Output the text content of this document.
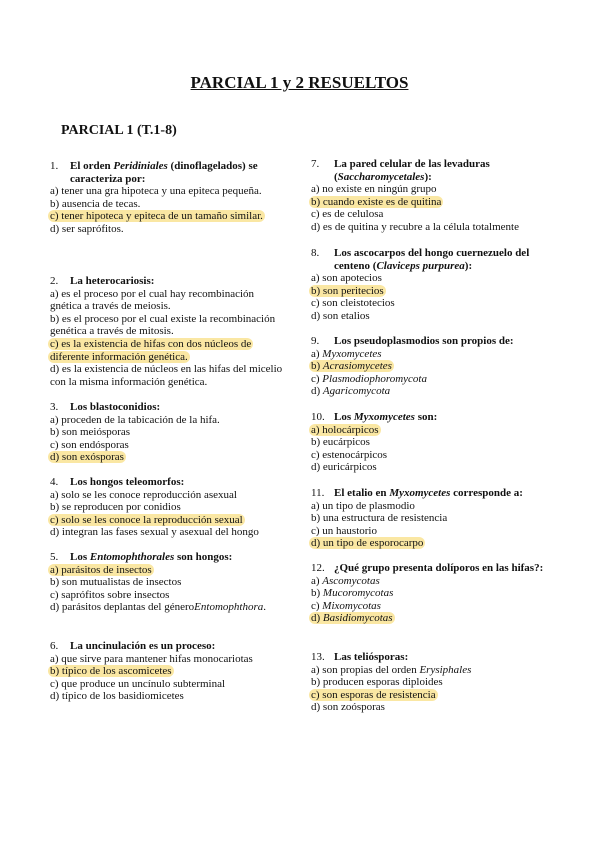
PARCIAL 1 y 2 RESUELTOS
PARCIAL 1 (T.1-8)
1.	El orden Peridiniales (dinoflagelados) se caracteriza por:
a) tener una gra hipoteca y una epiteca pequeña.
b) ausencia de tecas.
c) tener hipoteca y epiteca de un tamaño similar.
d) ser saprófitos.
2.	La heterocariosis:
a) es el proceso por el cual hay recombinación gnética a través de meiosis.
b) es el proceso por el cual existe la recombinación genética a través de mitosis.
c) es la existencia de hifas con dos núcleos de diferente información genética.
d) es la existencia de núcleos en las hifas del micelio con la misma información genética.
3.	Los blastoconidios:
a) proceden de la tabicación de la hifa.
b) son meiósporas
c) son endósporas
d) son exósporas
4.	Los hongos teleomorfos:
a) solo se les conoce reproducción asexual
b) se reproducen por conidios
c) solo se les conoce la reproducción sexual
d) integran las fases sexual y asexual del hongo
5.	Los Entomophthorales son hongos:
a) parásitos de insectos
b) son mutualistas de insectos
c) saprófitos sobre insectos
d) parásitos deplantas del géneroEntomophthora.
6.	La uncinulación es un proceso:
a) que sirve para mantener hifas monocariotas
b) típico de los ascomicetes
c) que produce un uncínulo subterminal
d) típico de los basidiomicetes
7.	La pared celular de las levaduras (Saccharomycetales):
a) no existe en ningún grupo
b) cuando existe es de quitina
c) es de celulosa
d) es de quitina y recubre a la célula totalmente
8.	Los ascocarpos del hongo cuernezuelo del centeno (Claviceps purpurea):
a) son apotecios
b) son peritecios
c) son cleistotecios
d) son etalios
9.	Los pseudoplasmodios son propios de:
a) Myxomycetes
b) Acrasiomycetes
c) Plasmodiophoromycota
d) Agaricomycota
10. Los Myxomycetes son:
a) holocárpicos
b) eucárpicos
c) estenocárpicos
d) euricárpicos
11. El etalio en Myxomycetes corresponde a:
a) un tipo de plasmodio
b) una estructura de resistencia
c) un haustorio
d) un tipo de esporocarpo
12. ¿Qué grupo presenta dolíporos en las hifas?:
a) Ascomycotas
b) Mucoromycotas
c) Mixomycotas
d) Basidiomycotas
13. Las teliósporas:
a) son propias del orden Erysiphales
b) producen esporas diploides
c) son esporas de resistencia
d) son zoósporas
